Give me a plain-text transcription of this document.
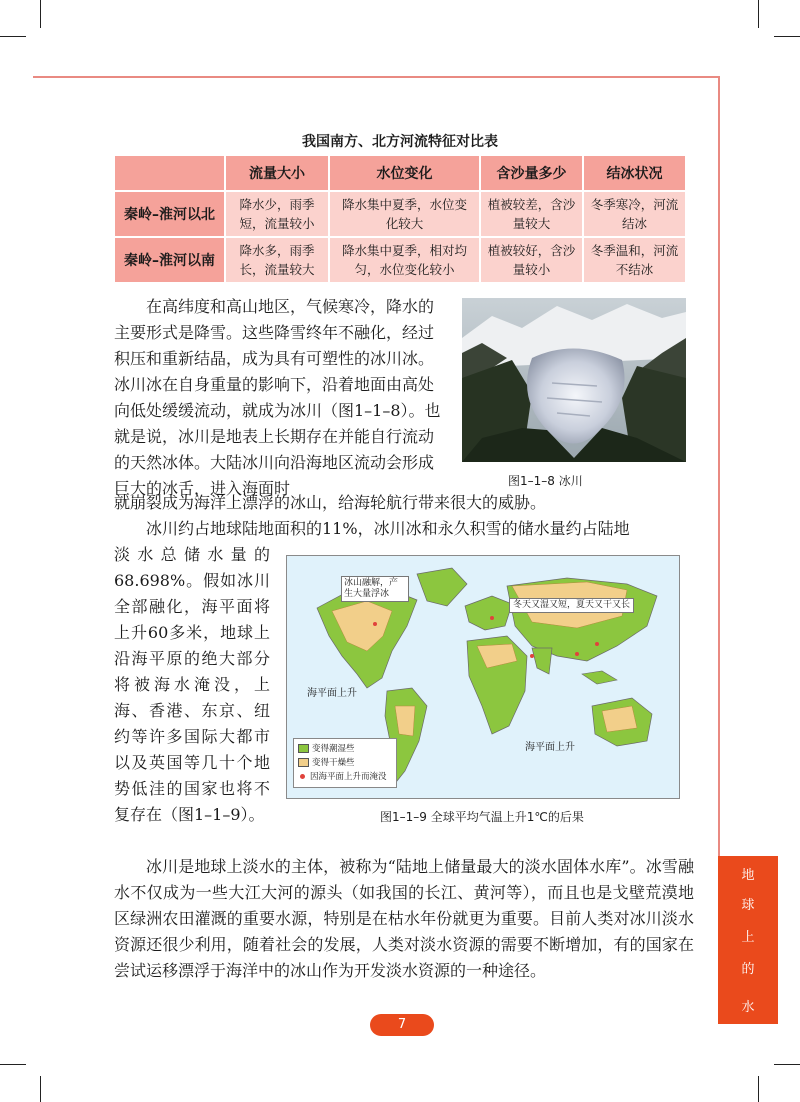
我国南方、北方河流特征对比表
	流量大小	水位变化	含沙量多少	结冰状况
秦岭–淮河以北	降水少，雨季短，流量较小	降水集中夏季，水位变化较大	植被较差，含沙量较大	冬季寒冷，河流结冰
秦岭–淮河以南	降水多，雨季长，流量较大	降水集中夏季，相对均匀，水位变化较小	植被较好，含沙量较小	冬季温和，河流不结冰

在高纬度和高山地区，气候寒冷，降水的主要形式是降雪。这些降雪终年不融化，经过积压和重新结晶，成为具有可塑性的冰川冰。冰川冰在自身重量的影响下，沿着地面由高处向低处缓缓流动，就成为冰川（图1–1–8）。也就是说，冰川是地表上长期存在并能自行流动的天然冰体。大陆冰川向沿海地区流动会形成巨大的冰舌，进入海面时

就崩裂成为海洋上漂浮的冰山，给海轮航行带来很大的威胁。

图1–1–8 冰川

冰川约占地球陆地面积的11%，冰川冰和永久积雪的储水量约占陆地

淡水总储水量的68.698%。假如冰川全部融化，海平面将上升60多米，地球上沿海平原的绝大部分将被海水淹没，上海、香港、东京、纽约等许多国际大都市以及英国等几十个地势低洼的国家也将不复存在（图1–1–9）。

冰山融解，产生大量浮冰
冬天又湿又短，夏天又干又长
海平面上升
海平面上升
变得潮湿些
变得干燥些
因海平面上升而淹没
图1–1–9 全球平均气温上升1℃的后果

冰川是地球上淡水的主体，被称为“陆地上储量最大的淡水固体水库”。冰雪融水不仅成为一些大江大河的源头（如我国的长江、黄河等），而且也是戈壁荒漠地区绿洲农田灌溉的重要水源，特别是在枯水年份就更为重要。目前人类对冰川淡水资源还很少利用，随着社会的发展，人类对淡水资源的需要不断增加，有的国家在尝试运移漂浮于海洋中的冰山作为开发淡水资源的一种途径。

地
球
上
的
水
7
